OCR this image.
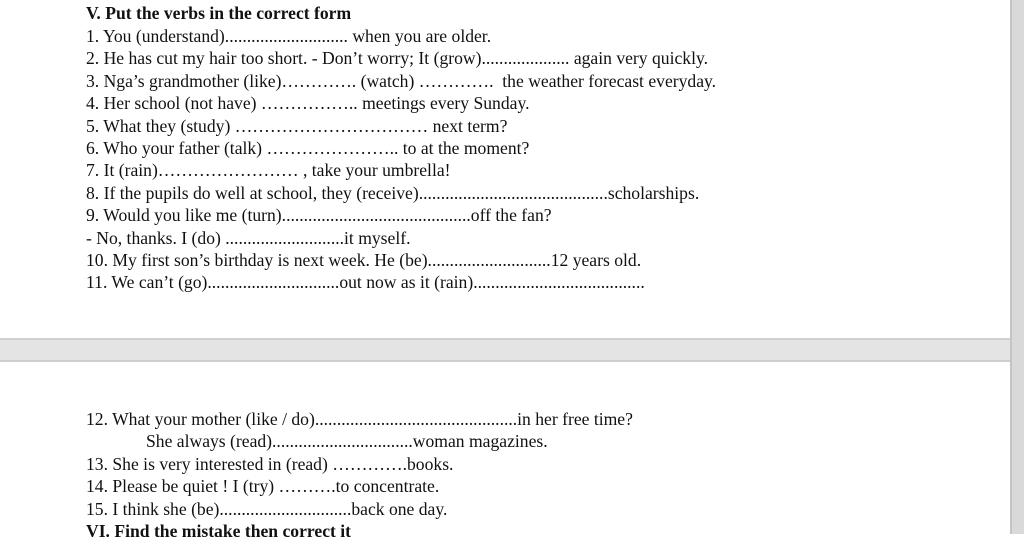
V. Put the verbs in the correct form
1. You (understand)............................ when you are older.
2. He has cut my hair too short. - Don’t worry; It (grow).................... again very quickly.
3. Nga’s grandmother (like)…………. (watch) ………….  the weather forecast everyday.
4. Her school (not have) …………….. meetings every Sunday.
5. What they (study) …………………………… next term?
6. Who your father (talk) ………………….. to at the moment?
7. It (rain)…………………… , take your umbrella!
8. If the pupils do well at school, they (receive)...........................................scholarships.
9. Would you like me (turn)...........................................off the fan?
- No, thanks. I (do) ...........................it myself.
10. My first son’s birthday is next week. He (be)............................12 years old.
11. We can’t (go)..............................out now as it (rain).......................................
12. What your mother (like / do)..............................................in her free time?
She always (read)................................woman magazines.
13. She is very interested in (read) ………….books.
14. Please be quiet ! I (try) ……….to concentrate.
15. I think she (be)..............................back one day.
VI. Find the mistake then correct it
